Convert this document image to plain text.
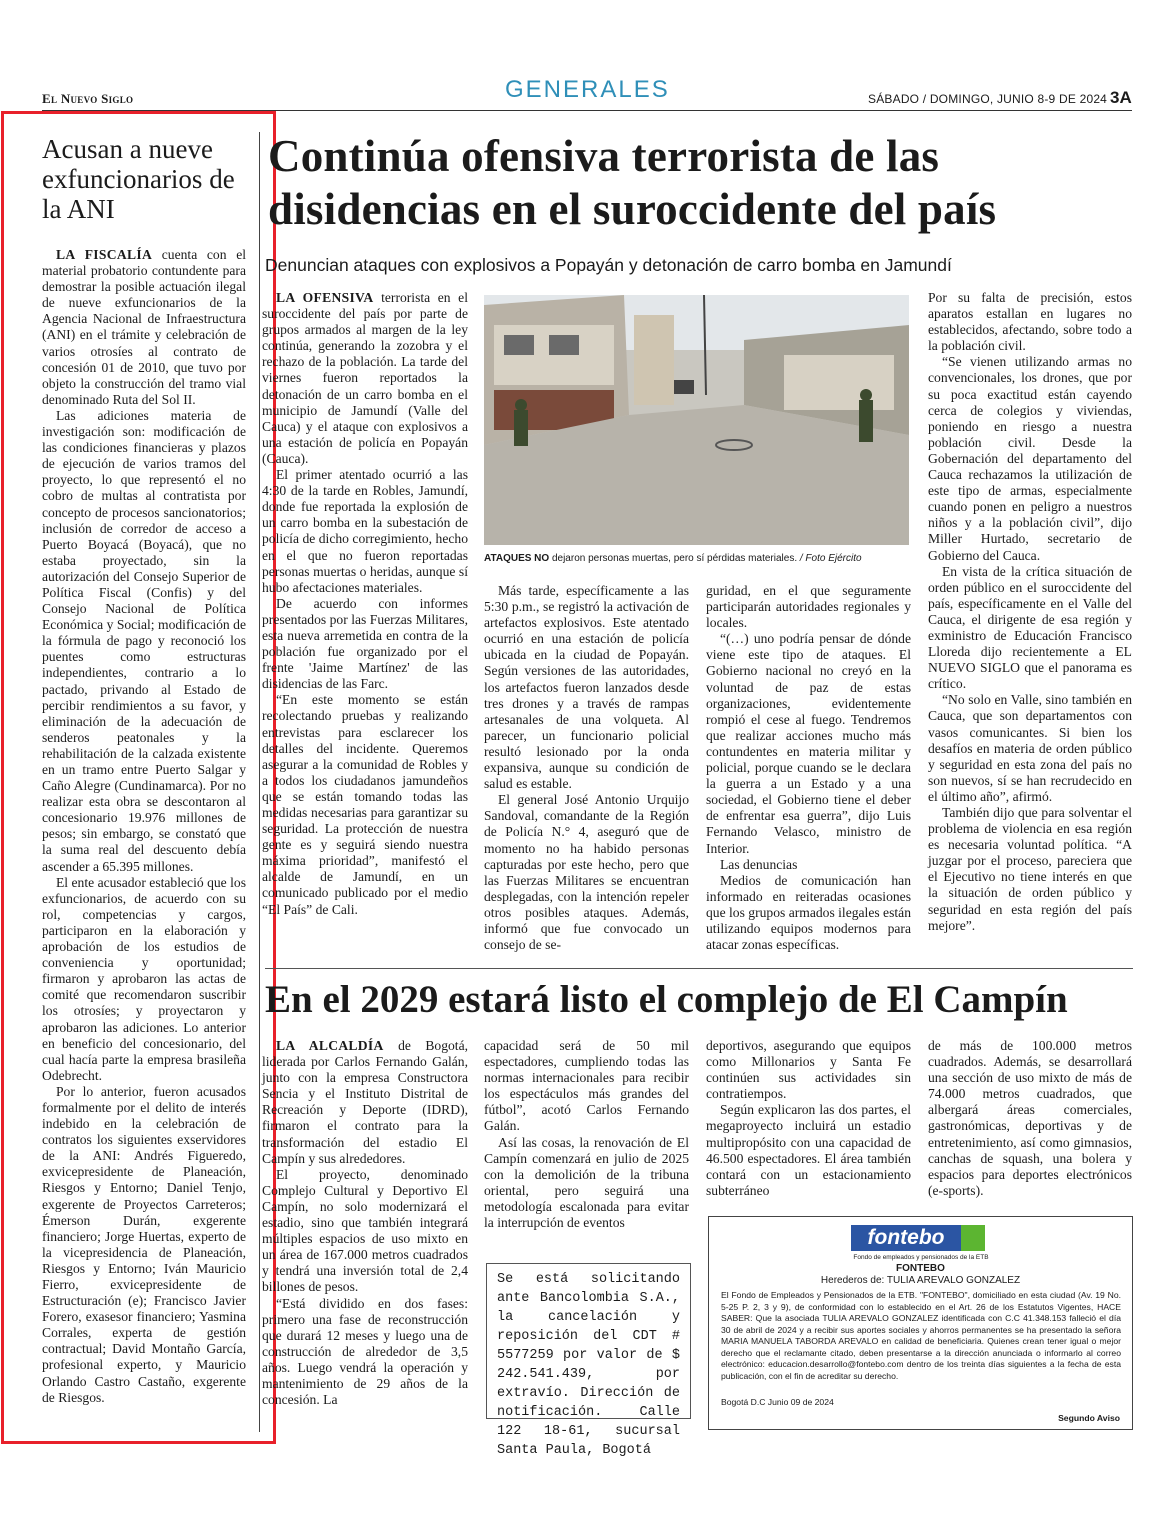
El Nuevo Siglo	GENERALES	SÁBADO / DOMINGO, JUNIO 8-9 DE 2024 3A
Acusan a nueve exfuncionarios de la ANI

LA FISCALÍA cuenta con el material probatorio contundente para demostrar la posible actuación ilegal de nueve exfuncionarios de la Agencia Nacional de Infraestructura (ANI) en el trámite y celebración de varios otrosíes al contrato de concesión 01 de 2010, que tuvo por objeto la construcción del tramo vial denominado Ruta del Sol II.

Las adiciones materia de investigación son: modificación de las condiciones financieras y plazos de ejecución de varios tramos del proyecto, lo que representó el no cobro de multas al contratista por concepto de procesos sancionatorios; inclusión de corredor de acceso a Puerto Boyacá (Boyacá), que no estaba proyectado, sin la autorización del Consejo Superior de Política Fiscal (Confis) y del Consejo Nacional de Política Económica y Social; modificación de la fórmula de pago y reconoció los puentes como estructuras independientes, contrario a lo pactado, privando al Estado de percibir rendimientos a su favor, y eliminación de la adecuación de senderos peatonales y la rehabilitación de la calzada existente en un tramo entre Puerto Salgar y Caño Alegre (Cundinamarca). Por no realizar esta obra se descontaron al concesionario 19.976 millones de pesos; sin embargo, se constató que la suma real del descuento debía ascender a 65.395 millones.

El ente acusador estableció que los exfuncionarios, de acuerdo con su rol, competencias y cargos, participaron en la elaboración y aprobación de los estudios de conveniencia y oportunidad; firmaron y aprobaron las actas de comité que recomendaron suscribir los otrosíes; y proyectaron y aprobaron las adiciones. Lo anterior en beneficio del concesionario, del cual hacía parte la empresa brasileña Odebrecht.

Por lo anterior, fueron acusados formalmente por el delito de interés indebido en la celebración de contratos los siguientes exservidores de la ANI: Andrés Figueredo, exvicepresidente de Planeación, Riesgos y Entorno; Daniel Tenjo, exgerente de Proyectos Carreteros; Émerson Durán, exgerente financiero; Jorge Huertas, experto de la vicepresidencia de Planeación, Riesgos y Entorno; Iván Mauricio Fierro, exvicepresidente de Estructuración (e); Francisco Javier Forero, exasesor financiero; Yasmina Corrales, experta de gestión contractual; David Montaño García, profesional experto, y Mauricio Orlando Castro Castaño, exgerente de Riesgos.

Continúa ofensiva terrorista de las disidencias en el suroccidente del país
Denuncian ataques con explosivos a Popayán y detonación de carro bomba en Jamundí

LA OFENSIVA terrorista en el suroccidente del país por parte de grupos armados al margen de la ley continúa, generando la zozobra y el rechazo de la población. La tarde del viernes fueron reportados la detonación de un carro bomba en el municipio de Jamundí (Valle del Cauca) y el ataque con explosivos a una estación de policía en Popayán (Cauca).

El primer atentado ocurrió a las 4:30 de la tarde en Robles, Jamundí, donde fue reportada la explosión de un carro bomba en la subestación de policía de dicho corregimiento, hecho en el que no fueron reportadas personas muertas o heridas, aunque sí hubo afectaciones materiales.

De acuerdo con informes presentados por las Fuerzas Militares, esta nueva arremetida en contra de la población fue organizado por el frente 'Jaime Martínez' de las disidencias de las Farc.

“En este momento se están recolectando pruebas y realizando entrevistas para esclarecer los detalles del incidente. Queremos asegurar a la comunidad de Robles y a todos los ciudadanos jamundeños que se están tomando todas las medidas necesarias para garantizar su seguridad. La protección de nuestra gente es y seguirá siendo nuestra máxima prioridad”, manifestó el alcalde de Jamundí, en un comunicado publicado por el medio “El País” de Cali.

ATAQUES NO dejaron personas muertas, pero sí pérdidas materiales. / Foto Ejército

Más tarde, específicamente a las 5:30 p.m., se registró la activación de artefactos explosivos. Este atentado ocurrió en una estación de policía ubicada en la ciudad de Popayán. Según versiones de las autoridades, los artefactos fueron lanzados desde tres drones y a través de rampas artesanales de una volqueta. Al parecer, un funcionario policial resultó lesionado por la onda expansiva, aunque su condición de salud es estable.

El general José Antonio Urquijo Sandoval, comandante de la Región de Policía N.° 4, aseguró que de momento no ha habido personas capturadas por este hecho, pero que las Fuerzas Militares se encuentran desplegadas, con la intención repeler otros posibles ataques. Además, informó que fue convocado un consejo de se-

guridad, en el que seguramente participarán autoridades regionales y locales.

“(…) uno podría pensar de dónde viene este tipo de ataques. El Gobierno nacional no creyó en la voluntad de paz de estas organizaciones, evidentemente rompió el cese al fuego. Tendremos que realizar acciones mucho más contundentes en materia militar y policial, porque cuando se le declara la guerra a un Estado y a una sociedad, el Gobierno tiene el deber de enfrentar esa guerra”, dijo Luis Fernando Velasco, ministro de Interior.

Las denuncias

Medios de comunicación han informado en reiteradas ocasiones que los grupos armados ilegales están utilizando equipos modernos para atacar zonas específicas.

Por su falta de precisión, estos aparatos estallan en lugares no establecidos, afectando, sobre todo a la población civil.

“Se vienen utilizando armas no convencionales, los drones, que por su poca exactitud están cayendo cerca de colegios y viviendas, poniendo en riesgo a nuestra población civil. Desde la Gobernación del departamento del Cauca rechazamos la utilización de este tipo de armas, especialmente cuando ponen en peligro a nuestros niños y a la población civil”, dijo Miller Hurtado, secretario de Gobierno del Cauca.

En vista de la crítica situación de orden público en el suroccidente del país, específicamente en el Valle del Cauca, el dirigente de esa región y exministro de Educación Francisco Lloreda dijo recientemente a EL NUEVO SIGLO que el panorama es crítico.

“No solo en Valle, sino también en Cauca, que son departamentos con vasos comunicantes. Si bien los desafíos en materia de orden público y seguridad en esta zona del país no son nuevos, sí se han recrudecido en el último año”, afirmó.

También dijo que para solventar el problema de violencia en esa región es necesaria voluntad política. “A juzgar por el proceso, pareciera que el Ejecutivo no tiene interés en que la situación de orden público y seguridad en esta región del país mejore”.

En el 2029 estará listo el complejo de El Campín

LA ALCALDÍA de Bogotá, liderada por Carlos Fernando Galán, junto con la empresa Constructora Sencia y el Instituto Distrital de Recreación y Deporte (IDRD), firmaron el contrato para la transformación del estadio El Campín y sus alrededores.

El proyecto, denominado Complejo Cultural y Deportivo El Campín, no solo modernizará el estadio, sino que también integrará múltiples espacios de uso mixto en un área de 167.000 metros cuadrados y tendrá una inversión total de 2,4 billones de pesos.

“Está dividido en dos fases: primero una fase de reconstrucción que durará 12 meses y luego una de construcción de alrededor de 3,5 años. Luego vendrá la operación y mantenimiento de 29 años de la concesión. La

capacidad será de 50 mil espectadores, cumpliendo todas las normas internacionales para recibir los espectáculos más grandes del fútbol”, acotó Carlos Fernando Galán.

Así las cosas, la renovación de El Campín comenzará en julio de 2025 con la demolición de la tribuna oriental, pero seguirá una metodología escalonada para evitar la interrupción de eventos

deportivos, asegurando que equipos como Millonarios y Santa Fe continúen sus actividades sin contratiempos.

Según explicaron las dos partes, el megaproyecto incluirá un estadio multipropósito con una capacidad de 46.500 espectadores. El área también contará con un estacionamiento subterráneo

de más de 100.000 metros cuadrados. Además, se desarrollará una sección de uso mixto de más de 74.000 metros cuadrados, que albergará áreas comerciales, gastronómicas, deportivas y de entretenimiento, así como gimnasios, canchas de squash, una bolera y espacios para deportes electrónicos (e-sports).

Se está solicitando ante Bancolombia S.A., la cancelación y reposición del CDT # 5577259 por valor de $ 242.541.439, por extravío. Dirección de notificación. Calle 122 18-61, sucursal Santa Paula, Bogotá
fontebo
Fondo de empleados y pensionados de la ETB
FONTEBO
Herederos de: TULIA AREVALO GONZALEZ
El Fondo de Empleados y Pensionados de la ETB. "FONTEBO", domiciliado en esta ciudad (Av. 19 No. 5-25 P. 2, 3 y 9), de conformidad con lo establecido en el Art. 26 de los Estatutos Vigentes, HACE SABER: Que la asociada TULIA AREVALO GONZALEZ identificada con C.C 41.348.153 falleció el día 30 de abril de 2024 y a recibir sus aportes sociales y ahorros permanentes se ha presentado la señora MARIA MANUELA TABORDA AREVALO en calidad de beneficiaria. Quienes crean tener igual o mejor derecho que el reclamante citado, deben presentarse a la dirección anunciada o informarlo al correo electrónico: educacion.desarrollo@fontebo.com dentro de los treinta días siguientes a la fecha de esta publicación, con el fin de acreditar su derecho.
Bogotá D.C Junio 09 de 2024
Segundo Aviso
